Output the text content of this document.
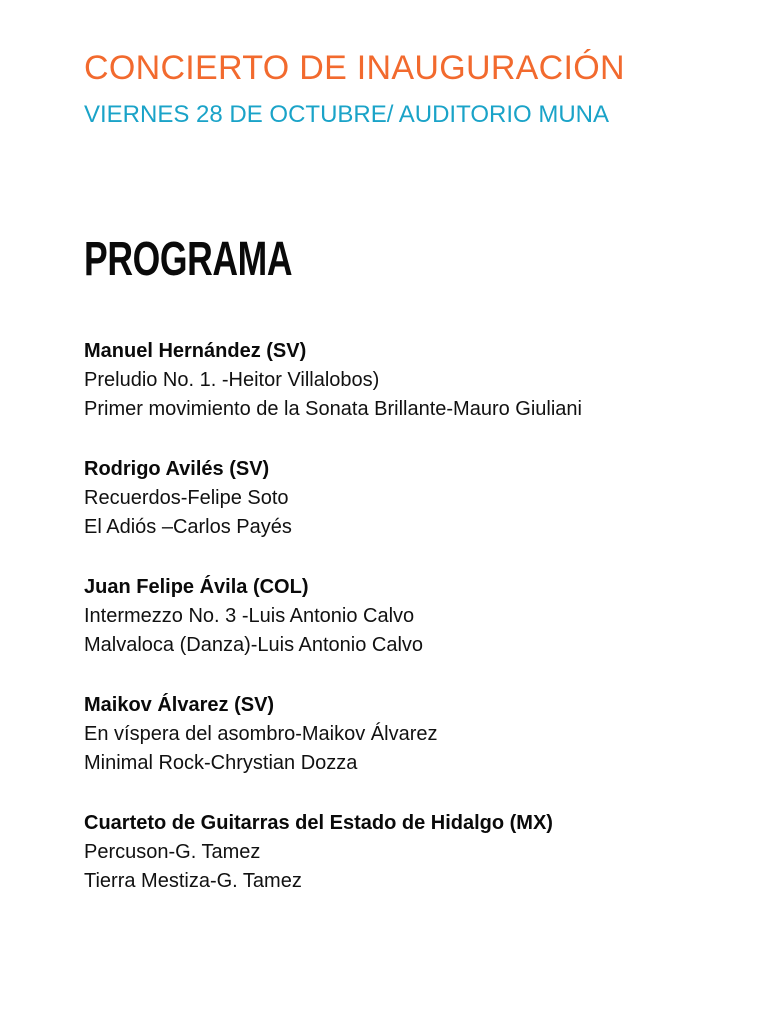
CONCIERTO DE INAUGURACIÓN
VIERNES 28 DE OCTUBRE/ AUDITORIO MUNA
PROGRAMA
Manuel Hernández (SV)
Preludio No. 1. -Heitor Villalobos)
Primer movimiento de la Sonata Brillante-Mauro Giuliani
Rodrigo Avilés (SV)
Recuerdos-Felipe Soto
El Adiós –Carlos Payés
Juan Felipe Ávila (COL)
Intermezzo No. 3 -Luis Antonio Calvo
Malvaloca (Danza)-Luis Antonio Calvo
Maikov Álvarez (SV)
En víspera del asombro-Maikov Álvarez
Minimal Rock-Chrystian Dozza
Cuarteto de Guitarras del Estado de Hidalgo (MX)
Percuson-G. Tamez
Tierra Mestiza-G. Tamez
